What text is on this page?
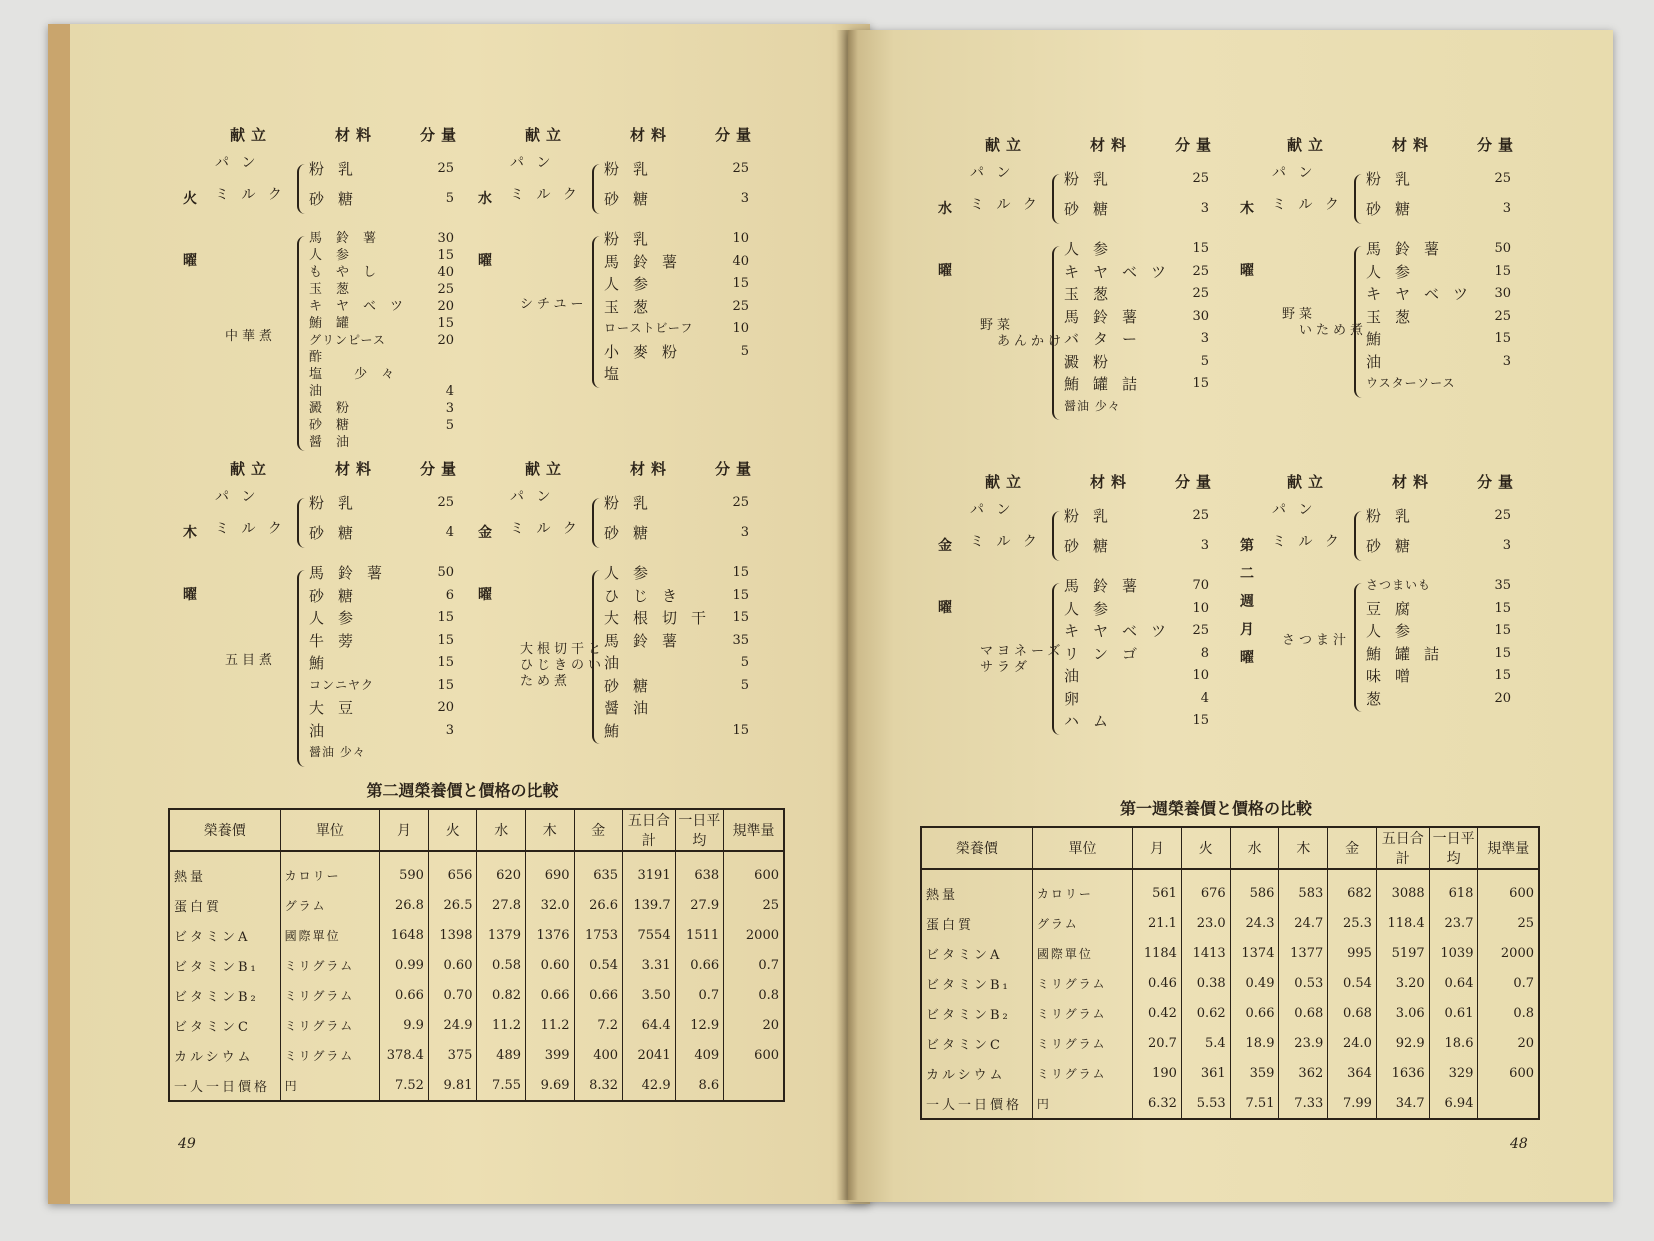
献立	材料	分量
火
曜
パ ン
ミ ル ク
粉乳	25
砂糖	5
中華煮
馬鈴薯	30
人参	15
もやし	40
玉葱	25
キヤベツ 20
鮪罐	15
グリンピース	20
酢
塩 少々
油	4
澱粉	3
砂糖	5
醤油
献立	材料	分量
水
曜
パ ン
ミ ル ク
粉乳	25
砂糖	3
シチユー
粉乳	10
馬鈴薯	40
人参	15
玉葱	25
ローストビーフ	10
小麥粉	5
塩
献立	材料	分量
木
曜
パ ン
ミ ル ク
粉乳	25
砂糖	4
五目煮
馬鈴薯	50
砂糖	6
人参	15
牛蒡	15
鮪	15
コンニヤク	15
大豆	20
油	3
醤油 少々
献立	材料	分量
金
曜
パ ン
ミ ル ク
粉乳	25
砂糖	3
大根切干と
ひじきのい
ため煮
人参	15
ひじき	15
大根切干 15
馬鈴薯	35
油	5
砂糖	5
醤油
鮪	15
献立	材料	分量
水
曜
パ ン
ミ ル ク
粉乳	25
砂糖	3
野菜
　あんかけ
人参	15
キヤベツ 25
玉葱	25
馬鈴薯	30
バター	3
澱粉	5
鮪罐詰	15
醤油 少々
献立	材料	分量
木
曜
パ ン
ミ ル ク
粉乳	25
砂糖	3
野菜
　いため煮
馬鈴薯	50
人参	15
キヤベツ 30
玉葱	25
鮪	15
油	3
ウスターソース
献立	材料	分量
金
曜
パ ン
ミ ル ク
粉乳	25
砂糖	3
マヨネーズ
サラダ
馬鈴薯	70
人参	10
キヤベツ 25
リンゴ	8
油	10
卵	4
ハム	15
献立	材料	分量
第
二
週
月
曜
パ ン
ミ ル ク
粉乳	25
砂糖	3
さつま汁
さつまいも	35
豆腐	15
人参	15
鮪罐詰	15
味噌	15
葱	20
第二週榮養價と價格の比較
榮養價	單位	月	火	水	木	金	五日合計	一日平均	規準量
熱量	カロリー	590	656	620	690	635	3191	638	600
蛋白質	グラム	26.8	26.5	27.8	32.0	26.6	139.7	27.9	25
ビタミンA	國際單位	1648	1398	1379	1376	1753	7554	1511	2000
ビタミンB₁	ミリグラム	0.99	0.60	0.58	0.60	0.54	3.31	0.66	0.7
ビタミンB₂	ミリグラム	0.66	0.70	0.82	0.66	0.66	3.50	0.7	0.8
ビタミンC	ミリグラム	9.9	24.9	11.2	11.2	7.2	64.4	12.9	20
カルシウム	ミリグラム	378.4	375	489	399	400	2041	409	600
一人一日價格	円	7.52	9.81	7.55	9.69	8.32	42.9	8.6	
第一週榮養價と價格の比較
榮養價	單位	月	火	水	木	金	五日合計	一日平均	規準量
熱量	カロリー	561	676	586	583	682	3088	618	600
蛋白質	グラム	21.1	23.0	24.3	24.7	25.3	118.4	23.7	25
ビタミンA	國際單位	1184	1413	1374	1377	995	5197	1039	2000
ビタミンB₁	ミリグラム	0.46	0.38	0.49	0.53	0.54	3.20	0.64	0.7
ビタミンB₂	ミリグラム	0.42	0.62	0.66	0.68	0.68	3.06	0.61	0.8
ビタミンC	ミリグラム	20.7	5.4	18.9	23.9	24.0	92.9	18.6	20
カルシウム	ミリグラム	190	361	359	362	364	1636	329	600
一人一日價格	円	6.32	5.53	7.51	7.33	7.99	34.7	6.94	
49	48
